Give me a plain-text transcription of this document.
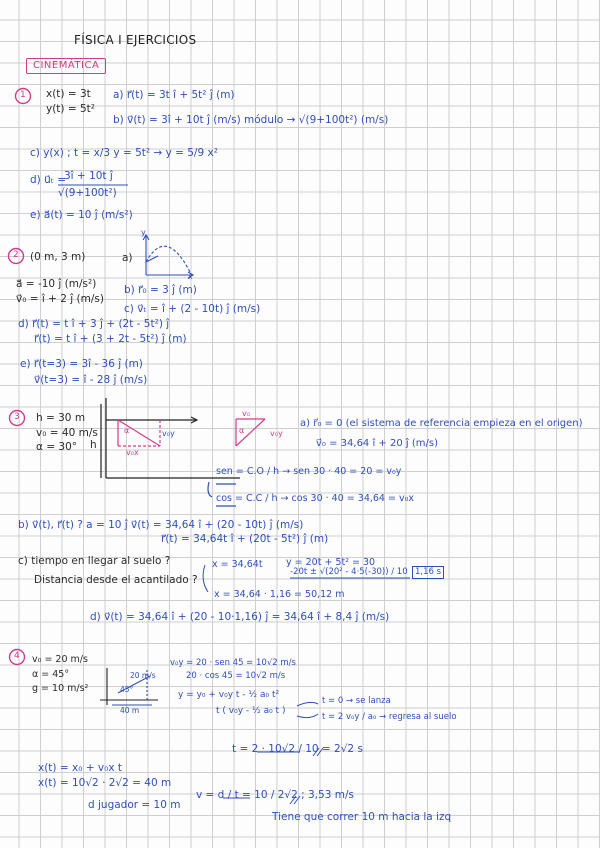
FÍSICA I EJERCICIOS
CINEMÁTICA
1 x(t) = 3t
y(t) = 5t²
a) r⃗(t) = 3t î + 5t² ĵ (m)
b) v⃗(t) = 3î + 10t ĵ (m/s) módulo → √(9+100t²) (m/s)
c) y(x) ; t = x/3 y = 5t² → y = 5/9 x²
d) u⃗ₜ =
3î + 10t ĵ
√(9+100t²)
e) a⃗(t) = 10 ĵ (m/s²)
2 (0 m, 3 m)
a⃗ = -10 ĵ (m/s²)
v⃗₀ = î + 2 ĵ (m/s)
a)
y
x
b) r⃗₀ = 3 ĵ (m)
c) v⃗ₜ = î + (2 - 10t) ĵ (m/s)
d) r⃗(t) = t î + 3 ĵ + (2t - 5t²) ĵ
r⃗(t) = t î + (3 + 2t - 5t²) ĵ (m)
e) r⃗(t=3) = 3î - 36 ĵ (m)
v⃗(t=3) = î - 28 ĵ (m/s)
3 h = 30 m
v₀ = 40 m/s
α = 30° h
α	v₀y
v₀x
v₀
α	v₀y
a) r⃗₀ = 0 (el sistema de referencia empieza en el origen)
v⃗₀ = 34,64 î + 20 ĵ (m/s)
sen = C.O / h → sen 30 · 40 = 20 = v₀y
cos = C.C / h → cos 30 · 40 = 34,64 = v₀x
b) v⃗(t), r⃗(t) ? a = 10 ĵ v⃗(t) = 34,64 î + (20 - 10t) ĵ (m/s)
r⃗(t) = 34,64t î + (20t - 5t²) ĵ (m)
c) tiempo en llegar al suelo ?
Distancia desde el acantilado ?
x = 34,64t y = 20t + 5t² = 30
-20t ± √(20² - 4·5(-30)) / 10 1,16 s
x = 34,64 · 1,16 = 50,12 m
d) v⃗(t) = 34,64 î + (20 - 10·1,16) ĵ = 34,64 î + 8,4 ĵ (m/s)
4 v₀ = 20 m/s
α = 45°
g = 10 m/s²
20 m/s
45°
40 m
v₀y = 20 · sen 45 = 10√2 m/s
20 · cos 45 = 10√2 m/s
y = y₀ + v₀y t - ½ a₀ t²
t ( v₀y - ½ a₀ t )
t = 0 → se lanza
t = 2 v₀y / a₀ → regresa al suelo
t = 2 · 10√2 / 10 = 2√2 s
x(t) = x₀ + v₀x t
x(t) = 10√2 · 2√2 = 40 m
d jugador = 10 m
v = d / t = 10 / 2√2 ; 3,53 m/s
Tiene que correr 10 m hacia la izq
